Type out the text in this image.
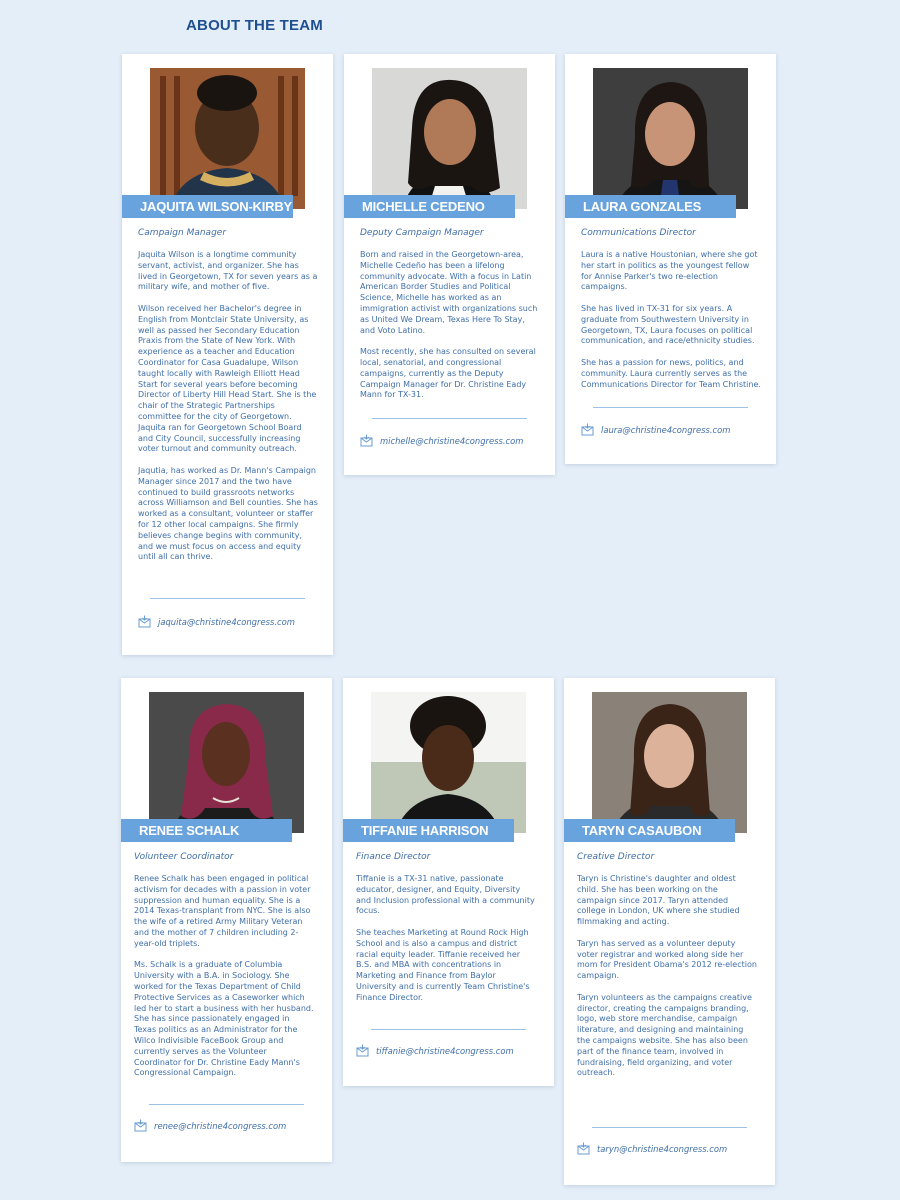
ABOUT THE TEAM
JAQUITA WILSON-KIRBY
Campaign Manager

Jaquita Wilson is a longtime community servant, activist, and organizer. She has lived in Georgetown, TX for seven years as a military wife, and mother of five.

Wilson received her Bachelor's degree in English from Montclair State University, as well as passed her Secondary Education Praxis from the State of New York. With experience as a teacher and Education Coordinator for Casa Guadalupe, Wilson taught locally with Rawleigh Elliott Head Start for several years before becoming Director of Liberty Hill Head Start. She is the chair of the Strategic Partnerships committee for the city of Georgetown. Jaquita ran for Georgetown School Board and City Council, successfully increasing voter turnout and community outreach.

Jaqutia, has worked as Dr. Mann's Campaign Manager since 2017 and the two have continued to build grassroots networks across Williamson and Bell counties. She has worked as a consultant, volunteer or staffer for 12 other local campaigns. She firmly believes change begins with community, and we must focus on access and equity until all can thrive.

jaquita@christine4congress.com
MICHELLE CEDENO
Deputy Campaign Manager

Born and raised in the Georgetown-area, Michelle Cedeño has been a lifelong community advocate. With a focus in Latin American Border Studies and Political Science, Michelle has worked as an immigration activist with organizations such as United We Dream, Texas Here To Stay, and Voto Latino.

Most recently, she has consulted on several local, senatorial, and congressional campaigns, currently as the Deputy Campaign Manager for Dr. Christine Eady Mann for TX-31.

michelle@christine4congress.com
LAURA GONZALES
Communications Director

Laura is a native Houstonian, where she got her start in politics as the youngest fellow for Annise Parker's two re-election campaigns.

She has lived in TX-31 for six years. A graduate from Southwestern University in Georgetown, TX, Laura focuses on political communication, and race/ethnicity studies.

She has a passion for news, politics, and community. Laura currently serves as the Communications Director for Team Christine.

laura@christine4congress.com
RENEE SCHALK
Volunteer Coordinator

Renee Schalk has been engaged in political activism for decades with a passion in voter suppression and human equality. She is a 2014 Texas-transplant from NYC. She is also the wife of a retired Army Military Veteran and the mother of 7 children including 2-year-old triplets.

Ms. Schalk is a graduate of Columbia University with a B.A. in Sociology. She worked for the Texas Department of Child Protective Services as a Caseworker which led her to start a business with her husband. She has since passionately engaged in Texas politics as an Administrator for the Wilco Indivisible FaceBook Group and currently serves as the Volunteer Coordinator for Dr. Christine Eady Mann's Congressional Campaign.

renee@christine4congress.com
TIFFANIE HARRISON
Finance Director

Tiffanie is a TX-31 native, passionate educator, designer, and Equity, Diversity and Inclusion professional with a community focus.

She teaches Marketing at Round Rock High School and is also a campus and district racial equity leader. Tiffanie received her B.S. and MBA with concentrations in Marketing and Finance from Baylor University and is currently Team Christine's Finance Director.

tiffanie@christine4congress.com
TARYN CASAUBON
Creative Director

Taryn is Christine's daughter and oldest child. She has been working on the campaign since 2017. Taryn attended college in London, UK where she studied filmmaking and acting.

Taryn has served as a volunteer deputy voter registrar and worked along side her mom for President Obama's 2012 re-election campaign.

Taryn volunteers as the campaigns creative director, creating the campaigns branding, logo, web store merchandise, campaign literature, and designing and maintaining the campaigns website. She has also been part of the finance team, involved in fundraising, field organizing, and voter outreach.

taryn@christine4congress.com
